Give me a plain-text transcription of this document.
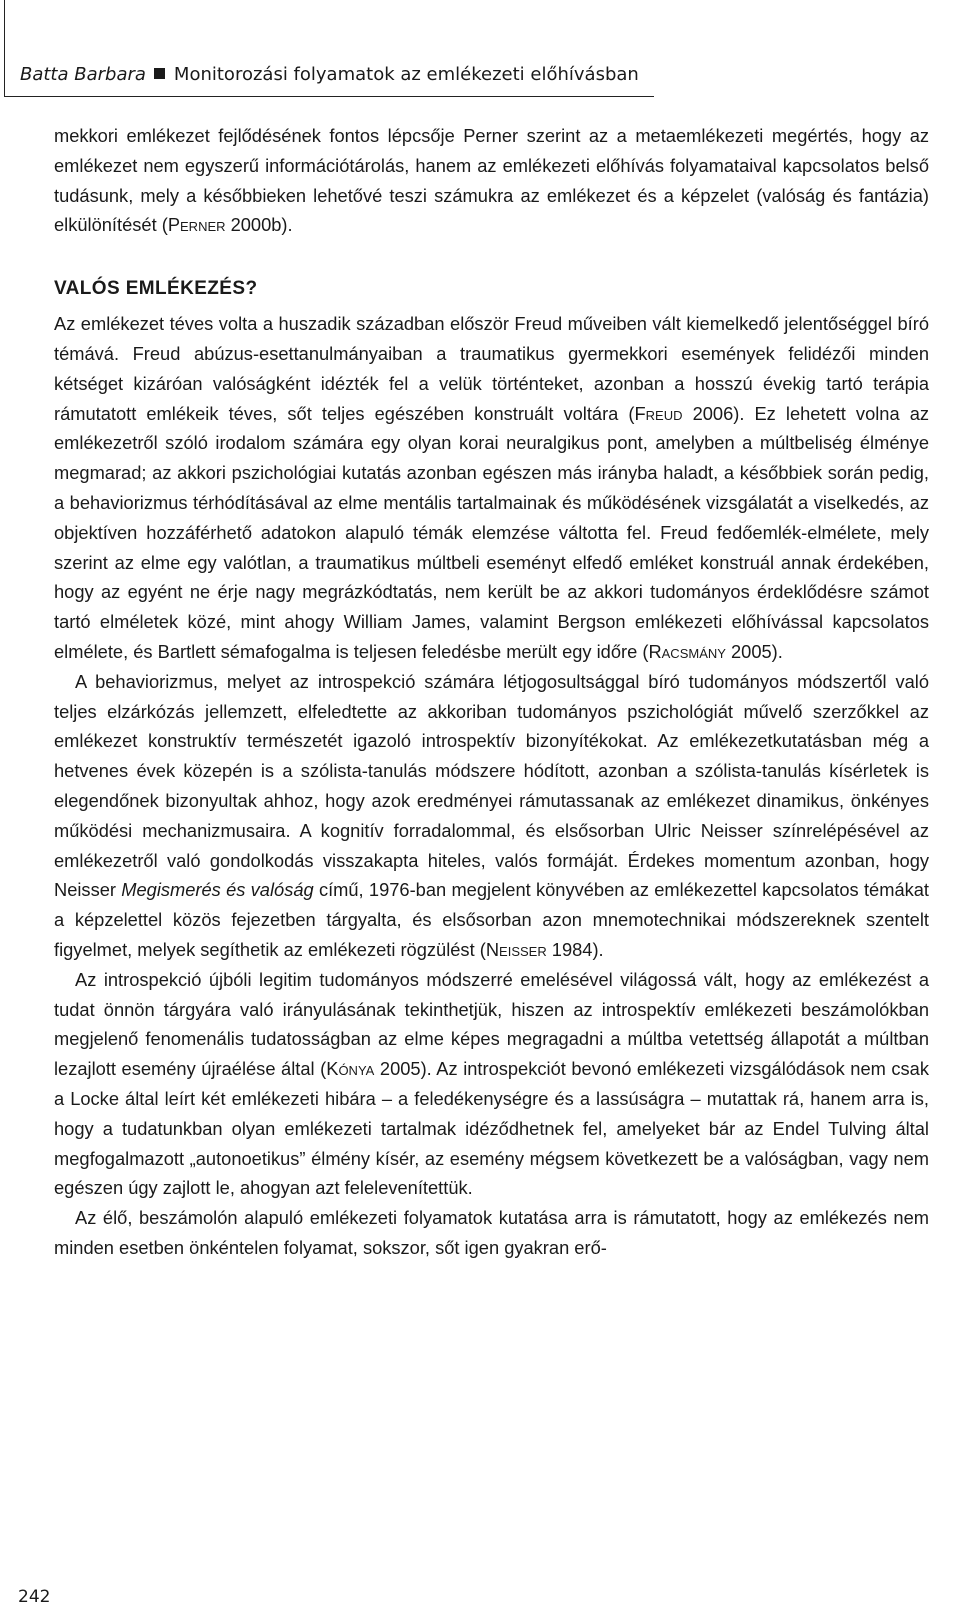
Batta Barbara Monitorozási folyamatok az emlékezeti előhívásban

mekkori emlékezet fejlődésének fontos lépcsője Perner szerint az a metaemlékezeti megértés, hogy az emlékezet nem egyszerű információtárolás, hanem az emlékezeti előhívás folyamataival kapcsolatos belső tudásunk, mely a későbbieken lehetővé teszi számukra az emlékezet és a képzelet (valóság és fantázia) elkülönítését (Perner 2000b).

VALÓS EMLÉKEZÉS?

Az emlékezet téves volta a huszadik században először Freud műveiben vált kiemelkedő jelentőséggel bíró témává. Freud abúzus-esettanulmányaiban a traumatikus gyermekkori események felidézői minden kétséget kizáróan valóságként idézték fel a velük történteket, azonban a hosszú évekig tartó terápia rámutatott emlékeik téves, sőt teljes egészében konstruált voltára (Freud 2006). Ez lehetett volna az emlékezetről szóló irodalom számára egy olyan korai neuralgikus pont, amelyben a múltbeliség élménye megmarad; az akkori pszichológiai kutatás azonban egészen más irányba haladt, a későbbiek során pedig, a behaviorizmus térhódításával az elme mentális tartalmainak és működésének vizsgálatát a viselkedés, az objektíven hozzáférhető adatokon alapuló témák elemzése váltotta fel. Freud fedőemlék-elmélete, mely szerint az elme egy valótlan, a traumatikus múltbeli eseményt elfedő emléket konstruál annak érdekében, hogy az egyént ne érje nagy megrázkódtatás, nem került be az akkori tudományos érdeklődésre számot tartó elméletek közé, mint ahogy William James, valamint Bergson emlékezeti előhívással kapcsolatos elmélete, és Bartlett sémafogalma is teljesen feledésbe merült egy időre (Racsmány 2005).

A behaviorizmus, melyet az introspekció számára létjogosultsággal bíró tudományos módszertől való teljes elzárkózás jellemzett, elfeledtette az akkoriban tudományos pszichológiát művelő szerzőkkel az emlékezet konstruktív természetét igazoló introspektív bizonyítékokat. Az emlékezetkutatásban még a hetvenes évek közepén is a szólista-tanulás módszere hódított, azonban a szólista-tanulás kísérletek is elegendőnek bizonyultak ahhoz, hogy azok eredményei rámutassanak az emlékezet dinamikus, önkényes működési mechanizmusaira. A kognitív forradalommal, és elsősorban Ulric Neisser színrelépésével az emlékezetről való gondolkodás visszakapta hiteles, valós formáját. Érdekes momentum azonban, hogy Neisser Megismerés és valóság című, 1976-ban megjelent könyvében az emlékezettel kapcsolatos témákat a képzelettel közös fejezetben tárgyalta, és elsősorban azon mnemotechnikai módszereknek szentelt figyelmet, melyek segíthetik az emlékezeti rögzülést (Neisser 1984).

Az introspekció újbóli legitim tudományos módszerré emelésével világossá vált, hogy az emlékezést a tudat önnön tárgyára való irányulásának tekinthetjük, hiszen az introspektív emlékezeti beszámolókban megjelenő fenomenális tudatosságban az elme képes megragadni a múltba vetettség állapotát a múltban lezajlott esemény újraélése által (Kónya 2005). Az introspekciót bevonó emlékezeti vizsgálódások nem csak a Locke által leírt két emlékezeti hibára – a feledékenységre és a lassúságra – mutattak rá, hanem arra is, hogy a tudatunkban olyan emlékezeti tartalmak idéződhetnek fel, amelyeket bár az Endel Tulving által megfogalmazott „autonoetikus” élmény kísér, az esemény mégsem következett be a valóságban, vagy nem egészen úgy zajlott le, ahogyan azt felelevenítettük.

Az élő, beszámolón alapuló emlékezeti folyamatok kutatása arra is rámutatott, hogy az emlékezés nem minden esetben önkéntelen folyamat, sokszor, sőt igen gyakran erő-

242
